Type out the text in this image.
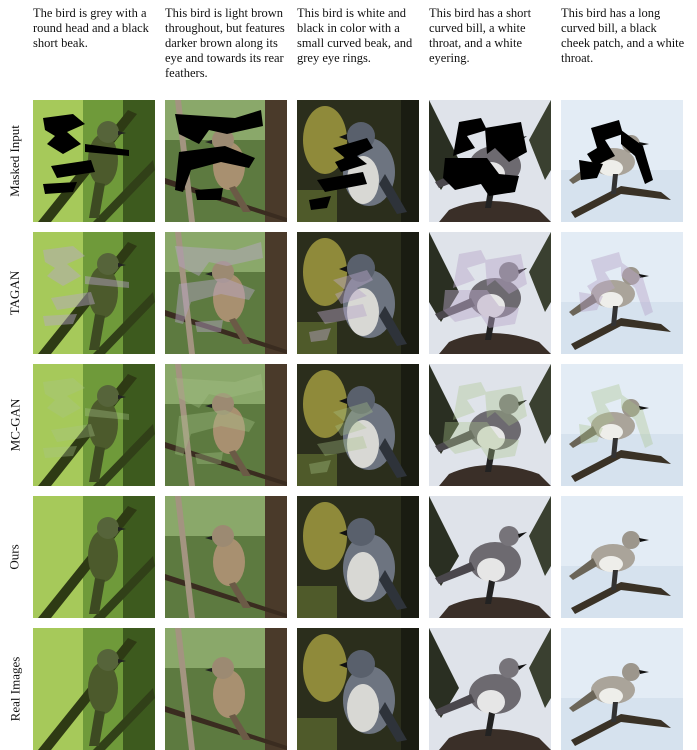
The bird is grey with a round head and a black short beak.
This bird is light brown throughout, but features darker brown along its eye and towards its rear feathers.
This bird is white and black in color with a small curved beak, and grey eye rings.
This bird has a short curved bill, a white throat, and a white eyering.
This bird has a long curved bill, a black cheek patch, and a white throat.
Masked Input
TAGAN
MC-GAN
Ours
Real Images
